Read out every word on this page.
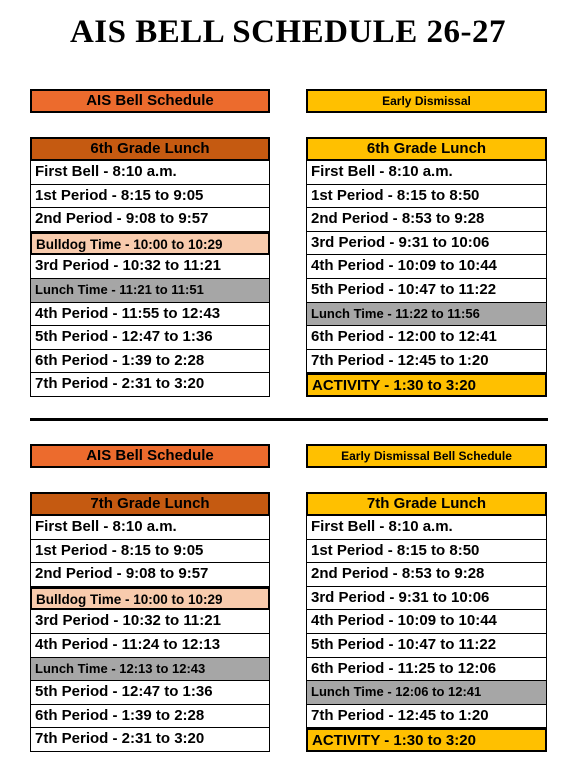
AIS BELL SCHEDULE 26-27
AIS Bell Schedule	Early Dismissal
6th Grade Lunch
First Bell - 8:10 a.m.
1st Period - 8:15 to 9:05
2nd Period - 9:08 to 9:57
Bulldog Time - 10:00 to 10:29
3rd Period - 10:32 to 11:21
Lunch Time - 11:21 to 11:51
4th Period - 11:55 to 12:43
5th Period - 12:47 to 1:36
6th Period - 1:39 to 2:28
7th Period - 2:31 to 3:20
6th Grade Lunch
First Bell - 8:10 a.m.
1st Period - 8:15 to 8:50
2nd Period - 8:53 to 9:28
3rd Period - 9:31 to 10:06
4th Period - 10:09 to 10:44
5th Period - 10:47 to 11:22
Lunch Time - 11:22 to 11:56
6th Period - 12:00 to 12:41
7th Period - 12:45 to 1:20
ACTIVITY - 1:30 to 3:20
AIS Bell Schedule	Early Dismissal Bell Schedule
7th Grade Lunch
First Bell - 8:10 a.m.
1st Period - 8:15 to 9:05
2nd Period - 9:08 to 9:57
Bulldog Time - 10:00 to 10:29
3rd Period - 10:32 to 11:21
4th Period - 11:24 to 12:13
Lunch Time - 12:13 to 12:43
5th Period - 12:47 to 1:36
6th Period - 1:39 to 2:28
7th Period - 2:31 to 3:20
7th Grade Lunch
First Bell - 8:10 a.m.
1st Period - 8:15 to 8:50
2nd Period - 8:53 to 9:28
3rd Period - 9:31 to 10:06
4th Period - 10:09 to 10:44
5th Period - 10:47 to 11:22
6th Period - 11:25 to 12:06
Lunch Time - 12:06 to 12:41
7th Period - 12:45 to 1:20
ACTIVITY - 1:30 to 3:20
